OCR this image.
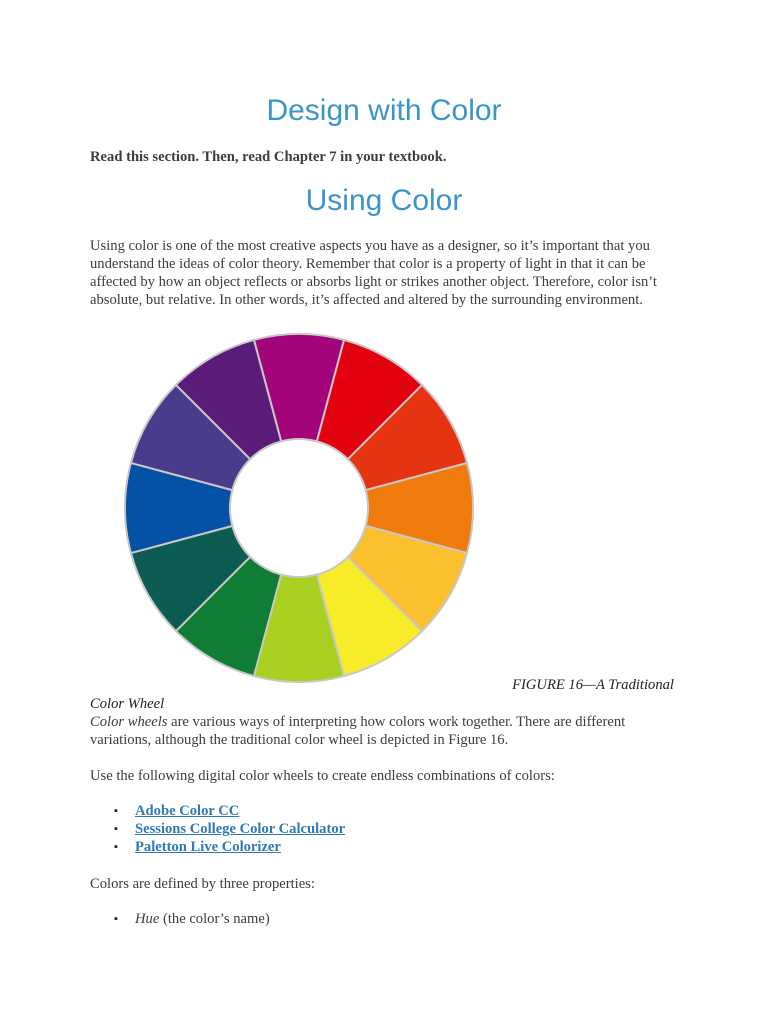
Design with Color

Read this section. Then, read Chapter 7 in your textbook.

Using Color

Using color is one of the most creative aspects you have as a designer, so it’s important that you understand the ideas of color theory. Remember that color is a property of light in that it can be affected by how an object reflects or absorbs light or strikes another object. Therefore, color isn’t absolute, but relative. In other words, it’s affected and altered by the surrounding environment.

FIGURE 16—A Traditional

Color Wheel

Color wheels are various ways of interpreting how colors work together. There are different variations, although the traditional color wheel is depicted in Figure 16.

Use the following digital color wheels to create endless combinations of colors:

▪ Adobe Color CC
▪ Sessions College Color Calculator
▪ Paletton Live Colorizer

Colors are defined by three properties:

▪ Hue (the color’s name)
